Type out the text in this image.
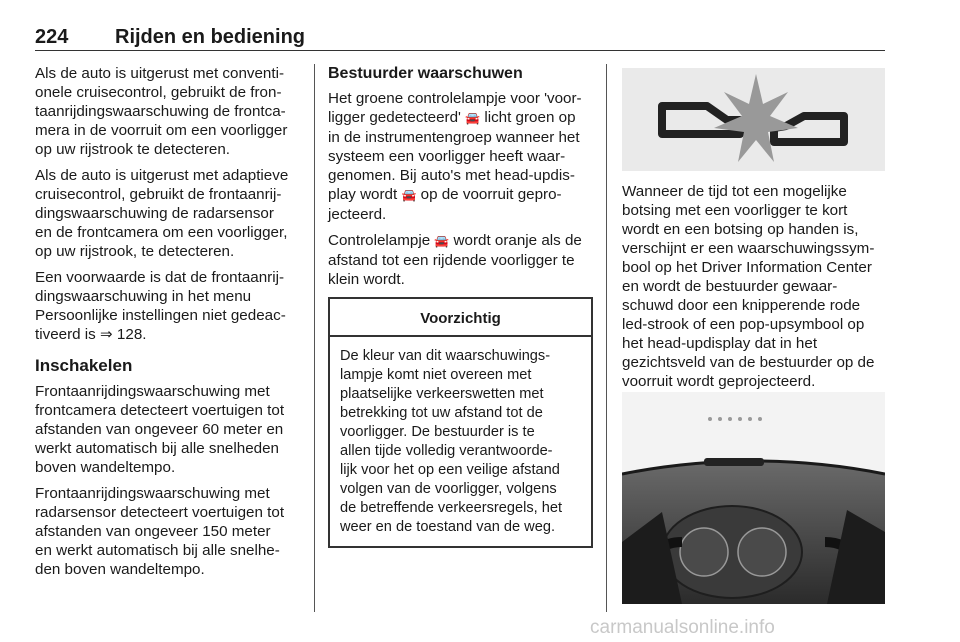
224 Rijden en bediening

Als de auto is uitgerust met conventi-
onele cruisecontrol, gebruikt de fron-
taanrijdingswaarschuwing de frontca-
mera in de voorruit om een voorligger
op uw rijstrook te detecteren.

Als de auto is uitgerust met adaptieve
cruisecontrol, gebruikt de frontaanrij-
dingswaarschuwing de radarsensor
en de frontcamera om een voorligger,
op uw rijstrook, te detecteren.

Een voorwaarde is dat de frontaanrij-
dingswaarschuwing in het menu
Persoonlijke instellingen niet gedeac-
tiveerd is ⇒ 128.

Inschakelen

Frontaanrijdingswaarschuwing met
frontcamera detecteert voertuigen tot
afstanden van ongeveer 60 meter en
werkt automatisch bij alle snelheden
boven wandeltempo.

Frontaanrijdingswaarschuwing met
radarsensor detecteert voertuigen tot
afstanden van ongeveer 150 meter
en werkt automatisch bij alle snelhe-
den boven wandeltempo.

Bestuurder waarschuwen

Het groene controlelampje voor 'voor-
ligger gedetecteerd' 🚘 licht groen op
in de instrumentengroep wanneer het
systeem een voorligger heeft waar-
genomen. Bij auto's met head-updis-
play wordt 🚘 op de voorruit gepro-
jecteerd.

Controlelampje 🚘 wordt oranje als de
afstand tot een rijdende voorligger te
klein wordt.

Voorzichtig
De kleur van dit waarschuwings-
lampje komt niet overeen met
plaatselijke verkeerswetten met
betrekking tot uw afstand tot de
voorligger. De bestuurder is te
allen tijde volledig verantwoorde-
lijk voor het op een veilige afstand
volgen van de voorligger, volgens
de betreffende verkeersregels, het
weer en de toestand van de weg.

Wanneer de tijd tot een mogelijke
botsing met een voorligger te kort
wordt en een botsing op handen is,
verschijnt er een waarschuwingssym-
bool op het Driver Information Center
en wordt de bestuurder gewaar-
schuwd door een knipperende rode
led-strook of een pop-upsymbool op
het head-updisplay dat in het
gezichtsveld van de bestuurder op de
voorruit wordt geprojecteerd.

carmanualsonline.info
